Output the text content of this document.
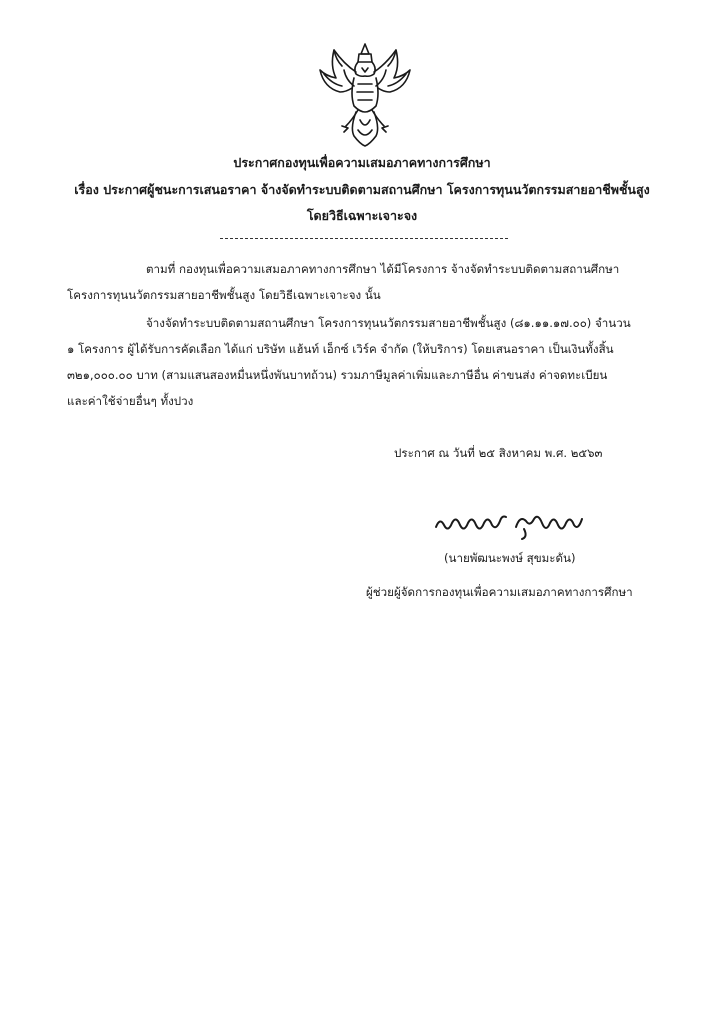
ประกาศกองทุนเพื่อความเสมอภาคทางการศึกษา
เรื่อง ประกาศผู้ชนะการเสนอราคา จ้างจัดทำระบบติดตามสถานศึกษา โครงการทุนนวัตกรรมสายอาชีพชั้นสูง
โดยวิธีเฉพาะเจาะจง
ตามที่ กองทุนเพื่อความเสมอภาคทางการศึกษา ได้มีโครงการ จ้างจัดทำระบบติดตามสถานศึกษา
โครงการทุนนวัตกรรมสายอาชีพชั้นสูง โดยวิธีเฉพาะเจาะจง นั้น
จ้างจัดทำระบบติดตามสถานศึกษา โครงการทุนนวัตกรรมสายอาชีพชั้นสูง (๘๑.๑๑.๑๗.๐๐) จำนวน
๑ โครงการ ผู้ได้รับการคัดเลือก ได้แก่ บริษัท แฮ้นท์ เอ็กซ์ เวิร์ค จำกัด (ให้บริการ) โดยเสนอราคา เป็นเงินทั้งสิ้น
๓๒๑,๐๐๐.๐๐ บาท (สามแสนสองหมื่นหนึ่งพันบาทถ้วน) รวมภาษีมูลค่าเพิ่มและภาษีอื่น ค่าขนส่ง ค่าจดทะเบียน
และค่าใช้จ่ายอื่นๆ ทั้งปวง
ประกาศ ณ วันที่ ๒๕ สิงหาคม พ.ศ. ๒๕๖๓
(นายพัฒนะพงษ์ สุขมะดัน)
ผู้ช่วยผู้จัดการกองทุนเพื่อความเสมอภาคทางการศึกษา
